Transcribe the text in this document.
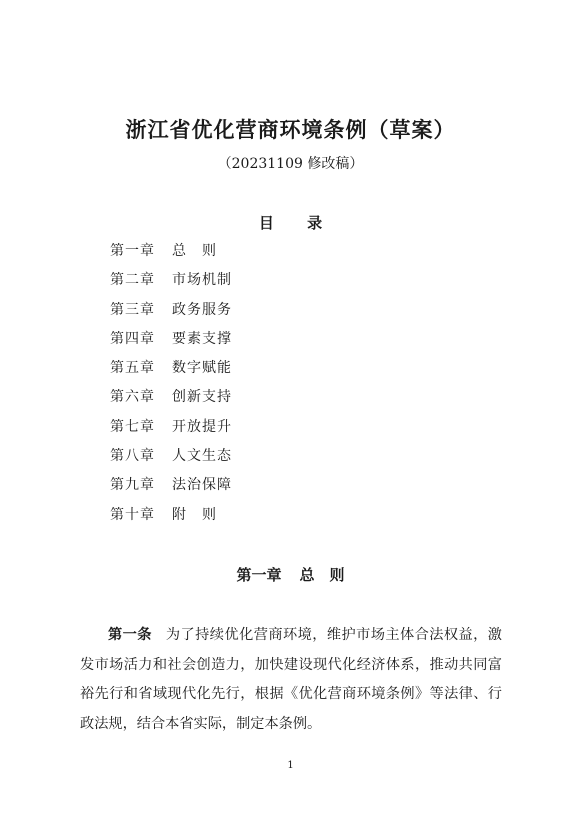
浙江省优化营商环境条例（草案）
（20231109 修改稿）
目 录
第一章 总　则
第二章 市场机制
第三章 政务服务
第四章 要素支撑
第五章 数字赋能
第六章 创新支持
第七章 开放提升
第八章 人文生态
第九章 法治保障
第十章 附　则
第一章 总　则

第一条 为了持续优化营商环境，维护市场主体合法权益，激发市场活力和社会创造力，加快建设现代化经济体系，推动共同富裕先行和省域现代化先行，根据《优化营商环境条例》等法律、行政法规，结合本省实际，制定本条例。

1
